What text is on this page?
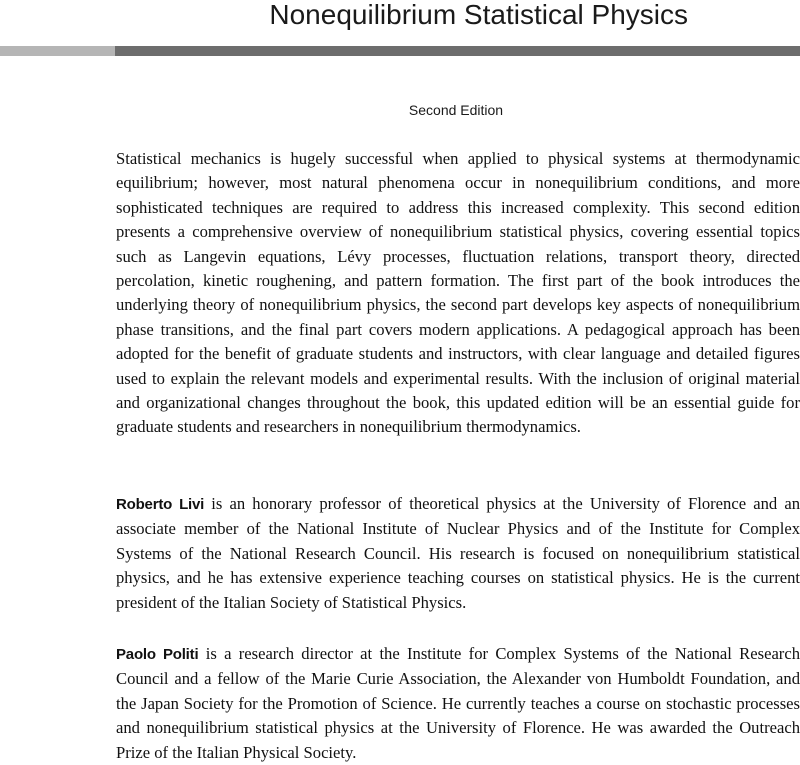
Nonequilibrium Statistical Physics
Second Edition

Statistical mechanics is hugely successful when applied to physical systems at thermodynamic equilibrium; however, most natural phenomena occur in nonequilibrium conditions, and more sophisticated techniques are required to address this increased complexity. This second edition presents a comprehensive overview of nonequilibrium statistical physics, covering essential topics such as Langevin equations, Lévy processes, fluctuation relations, transport theory, directed percolation, kinetic roughening, and pattern formation. The first part of the book introduces the underlying theory of nonequilibrium physics, the second part develops key aspects of nonequilibrium phase transitions, and the final part covers modern applications. A pedagogical approach has been adopted for the benefit of graduate students and instructors, with clear language and detailed figures used to explain the relevant models and experimental results. With the inclusion of original material and organizational changes throughout the book, this updated edition will be an essential guide for graduate students and researchers in nonequilibrium thermodynamics.

Roberto Livi is an honorary professor of theoretical physics at the University of Florence and an associate member of the National Institute of Nuclear Physics and of the Institute for Complex Systems of the National Research Council. His research is focused on nonequilibrium statistical physics, and he has extensive experience teaching courses on statistical physics. He is the current president of the Italian Society of Statistical Physics.

Paolo Politi is a research director at the Institute for Complex Systems of the National Research Council and a fellow of the Marie Curie Association, the Alexander von Humboldt Foundation, and the Japan Society for the Promotion of Science. He currently teaches a course on stochastic processes and nonequilibrium statistical physics at the University of Florence. He was awarded the Outreach Prize of the Italian Physical Society.
